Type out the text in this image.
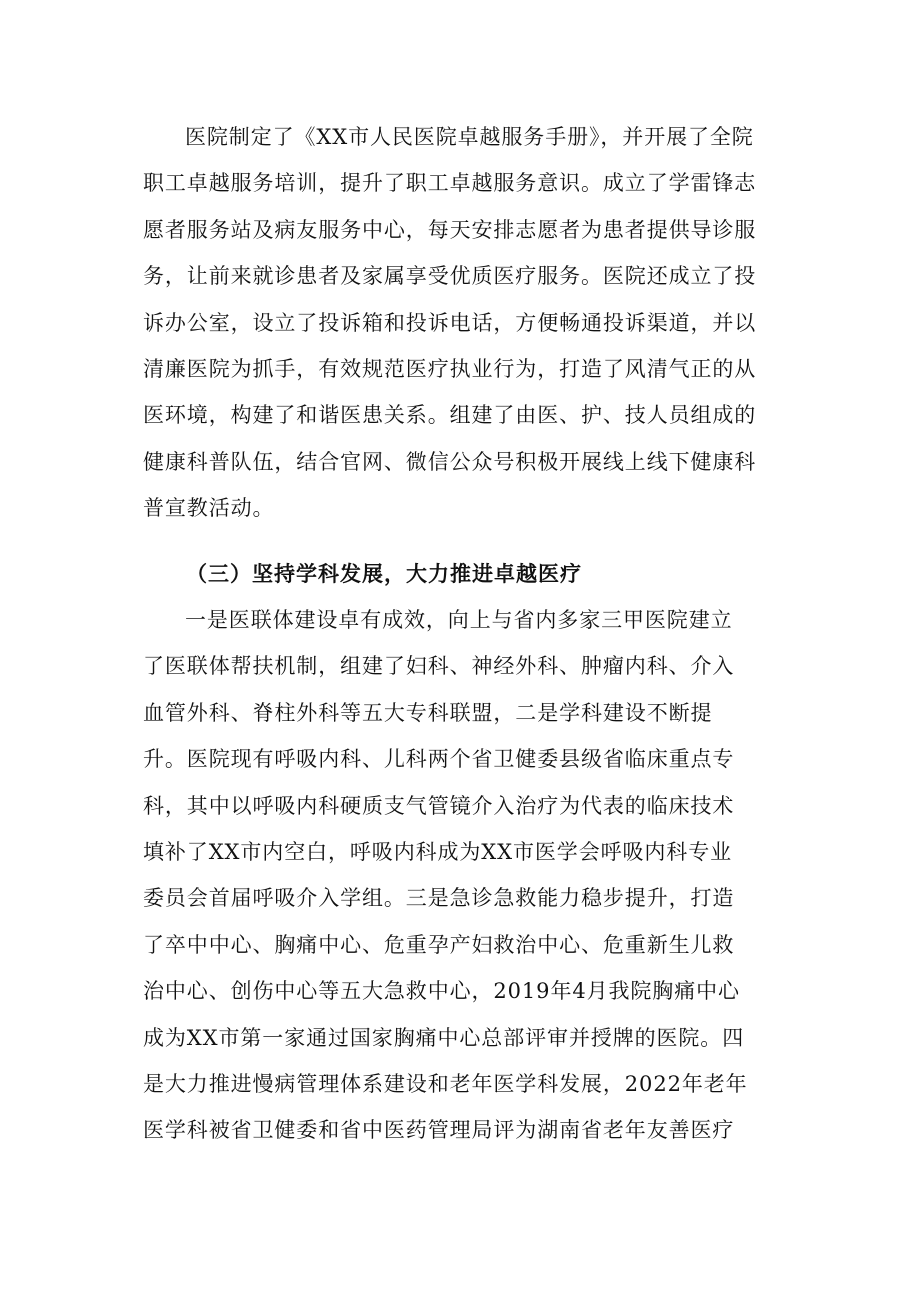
医院制定了《XX市人民医院卓越服务手册》，并开展了全院
职工卓越服务培训，提升了职工卓越服务意识。成立了学雷锋志
愿者服务站及病友服务中心，每天安排志愿者为患者提供导诊服
务，让前来就诊患者及家属享受优质医疗服务。医院还成立了投
诉办公室，设立了投诉箱和投诉电话，方便畅通投诉渠道，并以
清廉医院为抓手，有效规范医疗执业行为，打造了风清气正的从
医环境，构建了和谐医患关系。组建了由医、护、技人员组成的
健康科普队伍，结合官网、微信公众号积极开展线上线下健康科
普宣教活动。
（三）坚持学科发展，大力推进卓越医疗
一是医联体建设卓有成效，向上与省内多家三甲医院建立
了医联体帮扶机制，组建了妇科、神经外科、肿瘤内科、介入
血管外科、脊柱外科等五大专科联盟，二是学科建设不断提
升。医院现有呼吸内科、儿科两个省卫健委县级省临床重点专
科，其中以呼吸内科硬质支气管镜介入治疗为代表的临床技术
填补了XX市内空白，呼吸内科成为XX市医学会呼吸内科专业
委员会首届呼吸介入学组。三是急诊急救能力稳步提升，打造
了卒中中心、胸痛中心、危重孕产妇救治中心、危重新生儿救
治中心、创伤中心等五大急救中心，2019年4月我院胸痛中心
成为XX市第一家通过国家胸痛中心总部评审并授牌的医院。四
是大力推进慢病管理体系建设和老年医学科发展，2022年老年
医学科被省卫健委和省中医药管理局评为湖南省老年友善医疗
